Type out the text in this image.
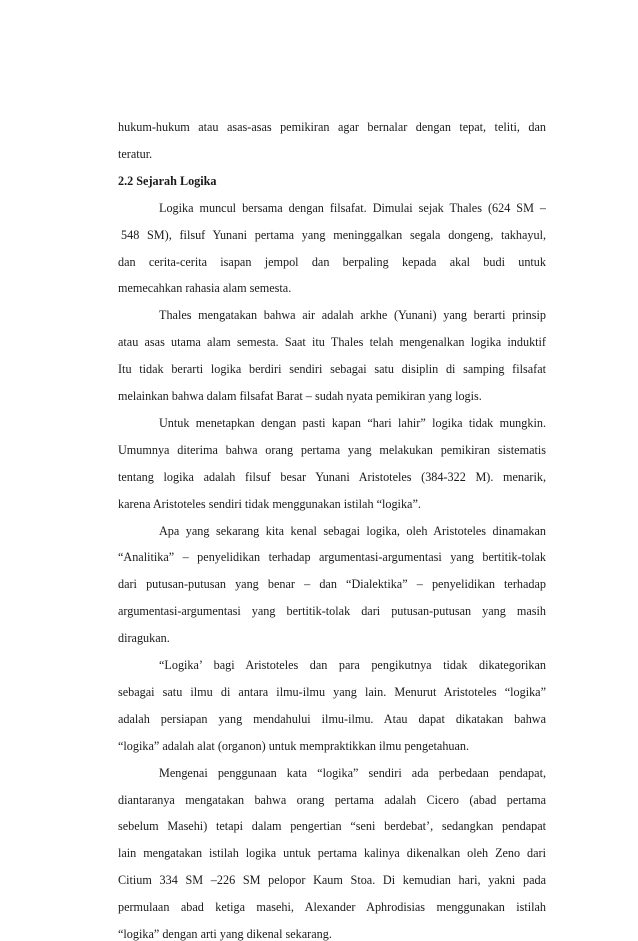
hukum-hukum atau asas-asas pemikiran agar bernalar dengan tepat, teliti, dan
teratur.
2.2 Sejarah Logika
Logika muncul bersama dengan filsafat. Dimulai sejak Thales (624 SM –
548 SM), filsuf Yunani pertama yang meninggalkan segala dongeng, takhayul,
dan cerita-cerita isapan jempol dan berpaling kepada akal budi untuk
memecahkan rahasia alam semesta.
Thales mengatakan bahwa air adalah arkhe (Yunani) yang berarti prinsip
atau asas utama alam semesta. Saat itu Thales telah mengenalkan logika induktif
Itu tidak berarti logika berdiri sendiri sebagai satu disiplin di samping filsafat
melainkan bahwa dalam filsafat Barat – sudah nyata pemikiran yang logis.
Untuk menetapkan dengan pasti kapan “hari lahir” logika tidak mungkin.
Umumnya diterima bahwa orang pertama yang melakukan pemikiran sistematis
tentang logika adalah filsuf besar Yunani Aristoteles (384-322 M). menarik,
karena Aristoteles sendiri tidak menggunakan istilah “logika”.
Apa yang sekarang kita kenal sebagai logika, oleh Aristoteles dinamakan
“Analitika” – penyelidikan terhadap argumentasi-argumentasi yang bertitik-tolak
dari putusan-putusan yang benar – dan “Dialektika” – penyelidikan terhadap
argumentasi-argumentasi yang bertitik-tolak dari putusan-putusan yang masih
diragukan.
“Logika’ bagi Aristoteles dan para pengikutnya tidak dikategorikan
sebagai satu ilmu di antara ilmu-ilmu yang lain. Menurut Aristoteles “logika”
adalah persiapan yang mendahului ilmu-ilmu. Atau dapat dikatakan bahwa
“logika” adalah alat (organon) untuk mempraktikkan ilmu pengetahuan.
Mengenai penggunaan kata “logika” sendiri ada perbedaan pendapat,
diantaranya mengatakan bahwa orang pertama adalah Cicero (abad pertama
sebelum Masehi) tetapi dalam pengertian “seni berdebat’, sedangkan pendapat
lain mengatakan istilah logika untuk pertama kalinya dikenalkan oleh Zeno dari
Citium 334 SM –226 SM pelopor Kaum Stoa. Di kemudian hari, yakni pada
permulaan abad ketiga masehi, Alexander Aphrodisias menggunakan istilah
“logika” dengan arti yang dikenal sekarang.
